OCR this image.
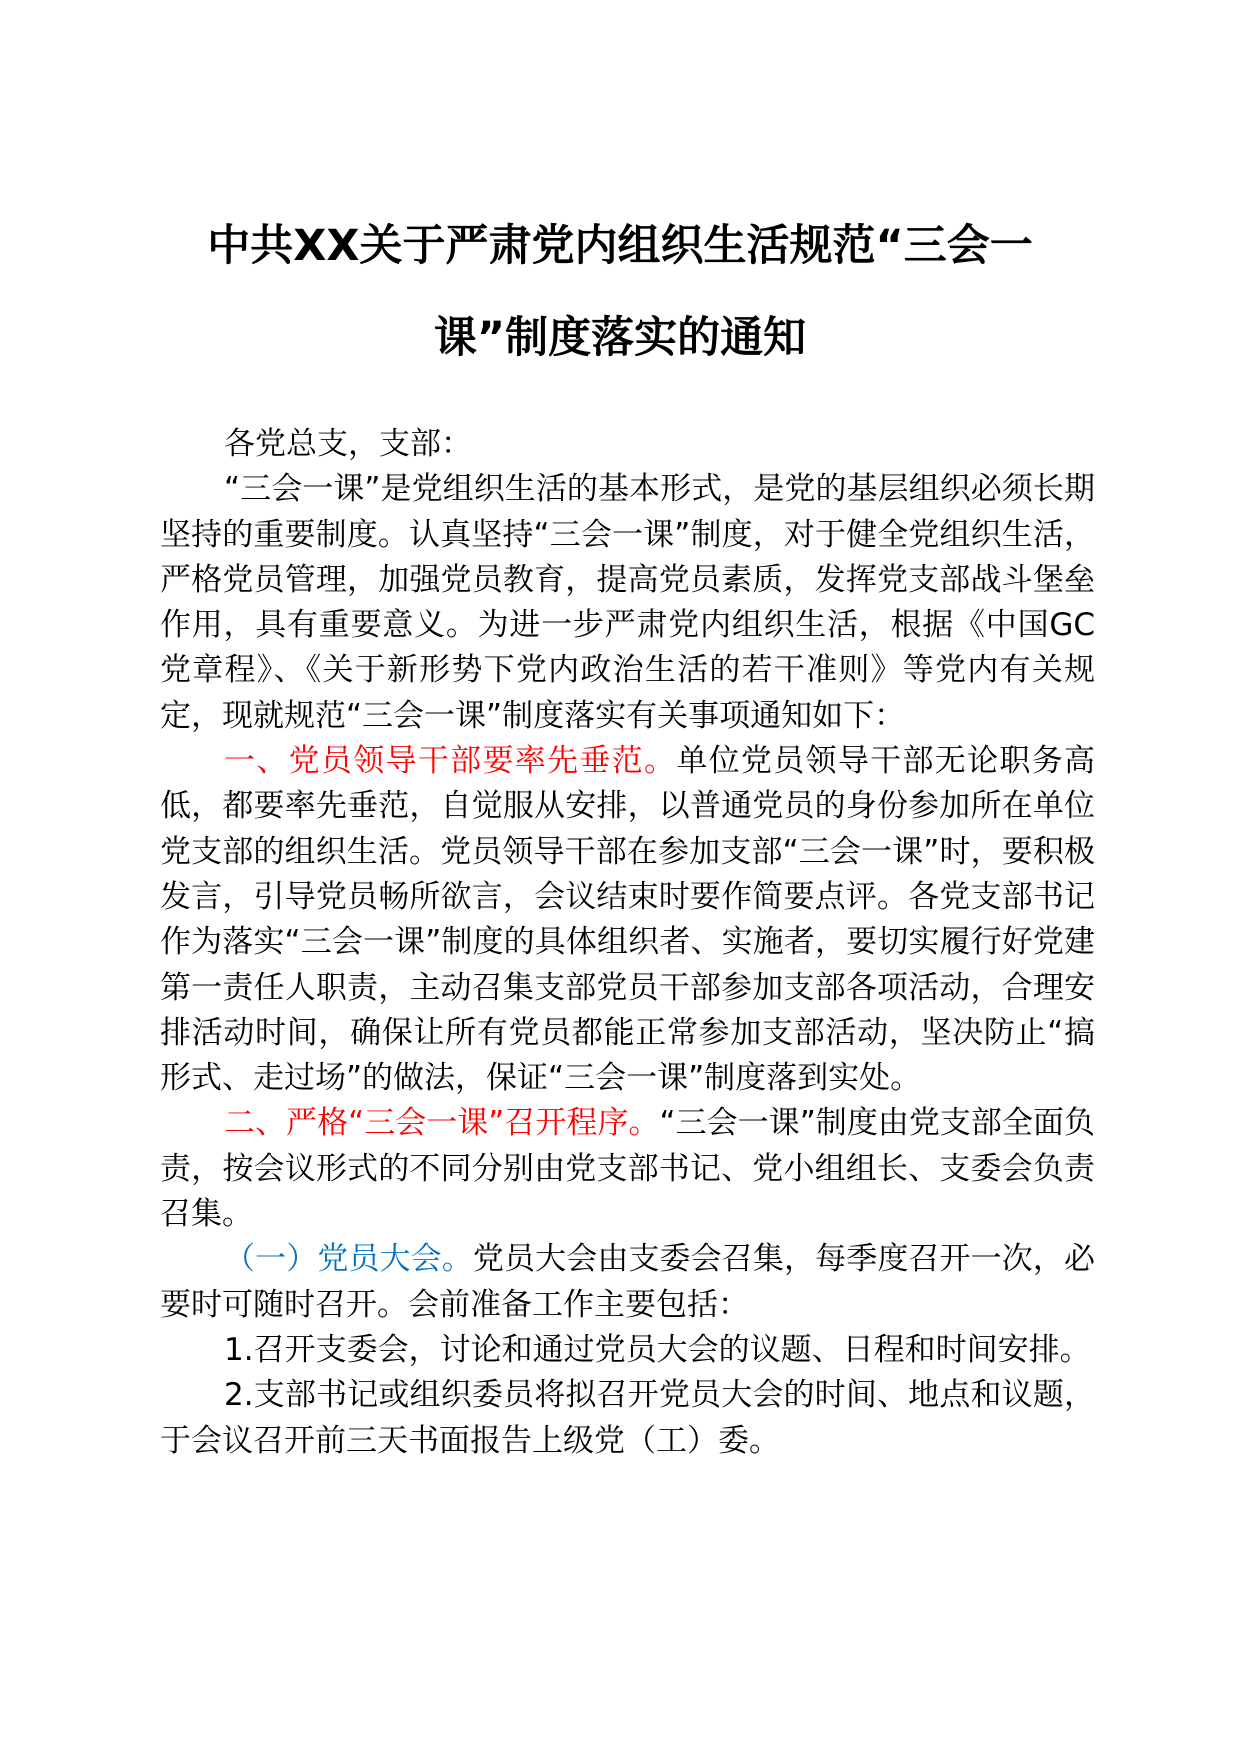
中共XX关于严肃党内组织生活规范“三会一
课”制度落实的通知

各党总支，支部：

“三会一课”是党组织生活的基本形式，是党的基层组织必须长期坚持的重要制度。认真坚持“三会一课”制度，对于健全党组织生活，严格党员管理，加强党员教育，提高党员素质，发挥党支部战斗堡垒作用，具有重要意义。为进一步严肃党内组织生活，根据《中国GC党章程》、《关于新形势下党内政治生活的若干准则》等党内有关规定，现就规范“三会一课”制度落实有关事项通知如下：

一、党员领导干部要率先垂范。单位党员领导干部无论职务高低，都要率先垂范，自觉服从安排，以普通党员的身份参加所在单位党支部的组织生活。党员领导干部在参加支部“三会一课”时，要积极发言，引导党员畅所欲言，会议结束时要作简要点评。各党支部书记作为落实“三会一课”制度的具体组织者、实施者，要切实履行好党建第一责任人职责，主动召集支部党员干部参加支部各项活动，合理安排活动时间，确保让所有党员都能正常参加支部活动，坚决防止“搞形式、走过场”的做法，保证“三会一课”制度落到实处。

二、严格“三会一课”召开程序。“三会一课”制度由党支部全面负责，按会议形式的不同分别由党支部书记、党小组组长、支委会负责召集。

（一）党员大会。党员大会由支委会召集，每季度召开一次，必要时可随时召开。会前准备工作主要包括：

1.召开支委会，讨论和通过党员大会的议题、日程和时间安排。

2.支部书记或组织委员将拟召开党员大会的时间、地点和议题，于会议召开前三天书面报告上级党（工）委。
